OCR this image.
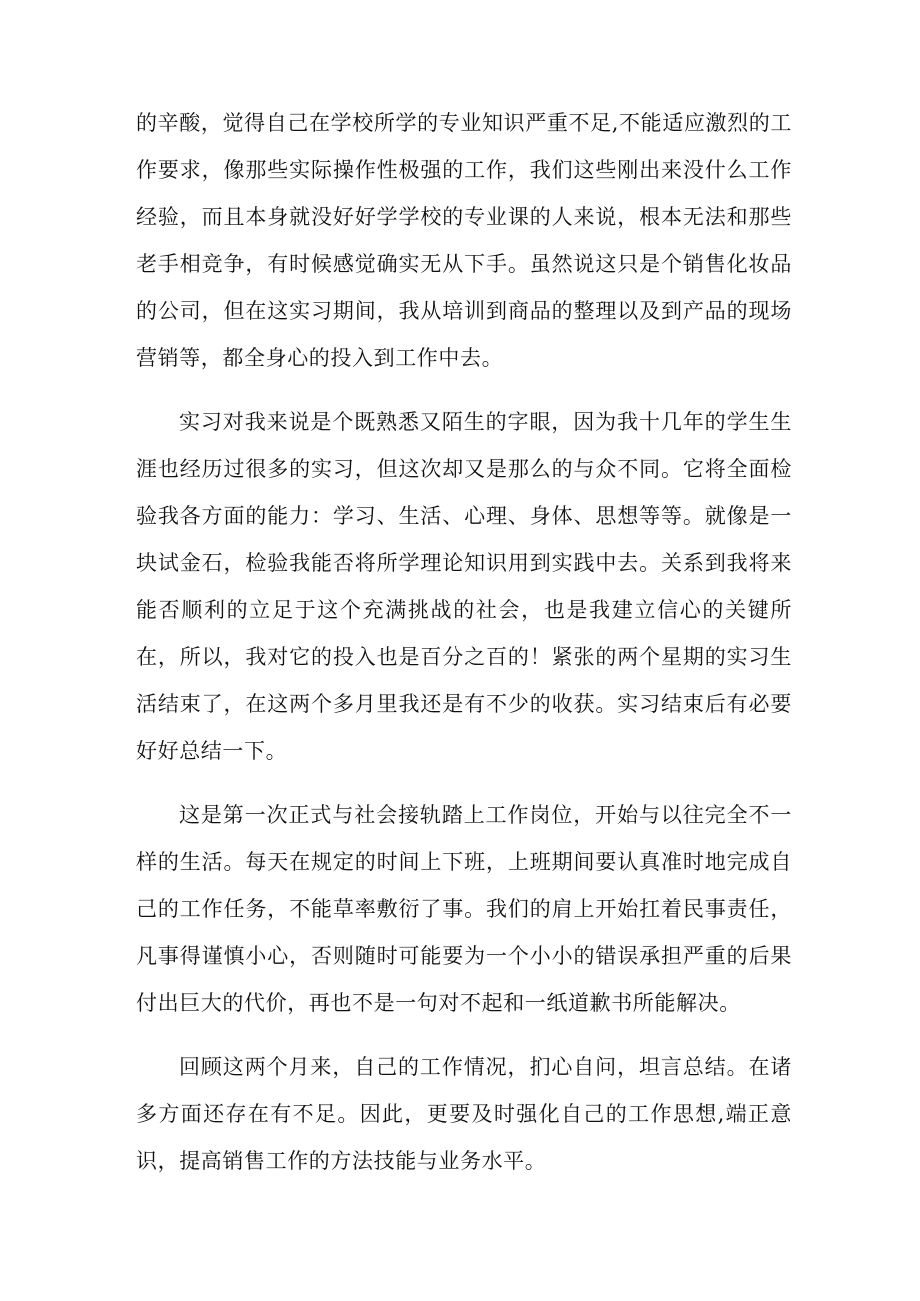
的辛酸，觉得自己在学校所学的专业知识严重不足,不能适应激烈的工作要求，像那些实际操作性极强的工作，我们这些刚出来没什么工作经验，而且本身就没好好学学校的专业课的人来说，根本无法和那些老手相竞争，有时候感觉确实无从下手。虽然说这只是个销售化妆品的公司，但在这实习期间，我从培训到商品的整理以及到产品的现场营销等，都全身心的投入到工作中去。

实习对我来说是个既熟悉又陌生的字眼，因为我十几年的学生生涯也经历过很多的实习，但这次却又是那么的与众不同。它将全面检验我各方面的能力：学习、生活、心理、身体、思想等等。就像是一块试金石，检验我能否将所学理论知识用到实践中去。关系到我将来能否顺利的立足于这个充满挑战的社会，也是我建立信心的关键所在，所以，我对它的投入也是百分之百的！紧张的两个星期的实习生活结束了，在这两个多月里我还是有不少的收获。实习结束后有必要好好总结一下。

这是第一次正式与社会接轨踏上工作岗位，开始与以往完全不一样的生活。每天在规定的时间上下班，上班期间要认真准时地完成自己的工作任务，不能草率敷衍了事。我们的肩上开始扛着民事责任，凡事得谨慎小心，否则随时可能要为一个小小的错误承担严重的后果付出巨大的代价，再也不是一句对不起和一纸道歉书所能解决。

回顾这两个月来，自己的工作情况，扪心自问，坦言总结。在诸多方面还存在有不足。因此，更要及时强化自己的工作思想,端正意识，提高销售工作的方法技能与业务水平。
